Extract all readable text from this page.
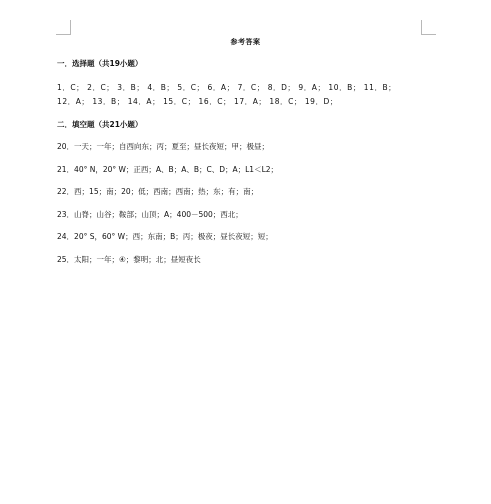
参考答案
一．选择题（共19小题）
1．C； 2．C； 3．B； 4．B； 5．C； 6．A； 7．C； 8．D； 9．A； 10．B； 11．B；
12．A； 13．B； 14．A； 15．C； 16．C； 17．A； 18．C； 19．D；
二．填空题（共21小题）
20．一天；一年；自西向东；丙；夏至；昼长夜短；甲；极昼；
21．40° N，20° W；正西；A、B；A、B；C、D；A；L1＜L2；
22．西；15；南；20；低；西南；西南；热；东；有；南；
23．山脊；山谷；鞍部；山顶；A；400－500；西北；
24．20° S，60° W；西；东南；B；丙；极夜；昼长夜短；短；
25．太阳；一年；④；黎明；北；昼短夜长
